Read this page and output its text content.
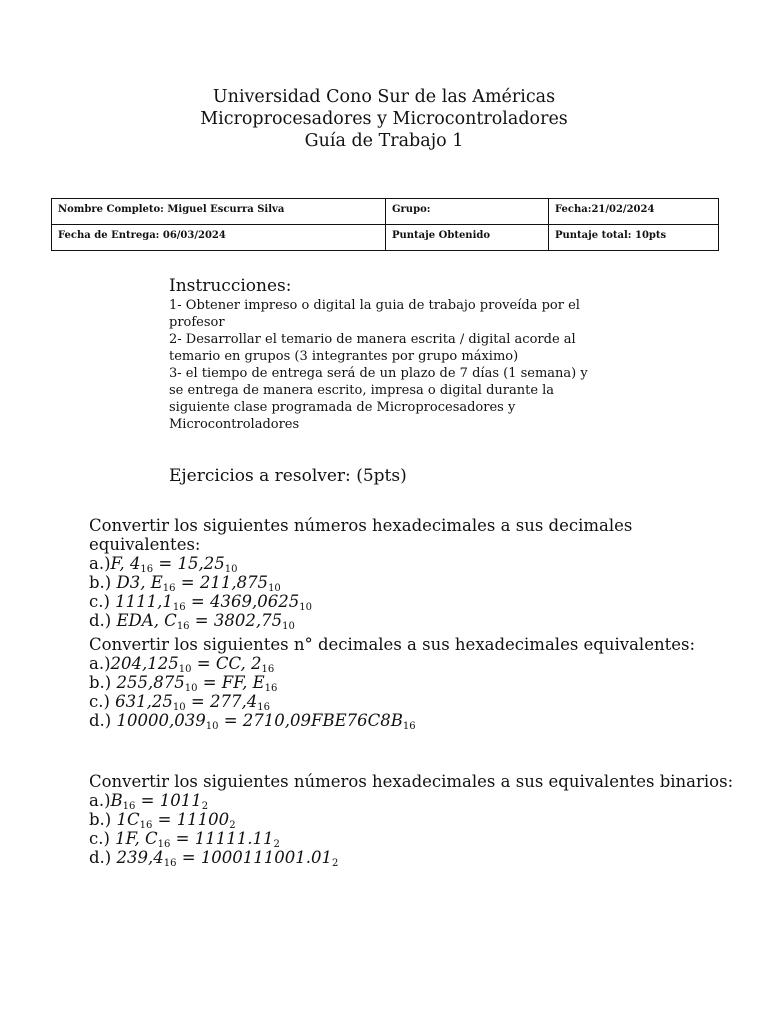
Universidad Cono Sur de las Américas
Microprocesadores y Microcontroladores
Guía de Trabajo 1
Nombre Completo: Miguel Escurra Silva	Grupo:	Fecha:21/02/2024
Fecha de Entrega: 06/03/2024	Puntaje Obtenido	Puntaje total: 10pts
Instrucciones:
1- Obtener impreso o digital la guia de trabajo proveída por el profesor
2- Desarrollar el temario de manera escrita / digital acorde al temario en grupos (3 integrantes por grupo máximo)
3- el tiempo de entrega será de un plazo de 7 días (1 semana) y se entrega de manera escrito, impresa o digital durante la siguiente clase programada de Microprocesadores y Microcontroladores
Ejercicios a resolver: (5pts)
Convertir los siguientes números hexadecimales a sus decimales equivalentes:
a.)F, $4_{16} = 15,25_{10}$
b.) D3, $E_{16} = 211,875_{10}$
c.) $1111,1_{16} = 4369,0625_{10}$
d.) EDA, $C_{16} = 3802,75_{10}$
Convertir los siguientes n° decimales a sus hexadecimales equivalentes:
$a.)204,125_{10}$ = CC, $2_{16}$
b.) $255,875_{10}$ = FF, $E_{16}$
c.) $631,25_{10} = 277,4_{16}$
d.) $10000,039_{10} = 2710,09FBE76C8B_{16}$
Convertir los siguientes números hexadecimales a sus equivalentes binarios:
$a.)B_{16} = 1011_2$
b.) $1C_{16} = 11100_2$
c.) 1F, $C_{16} = 11111.11_2$
d.) $239,4_{16} = 1000111001.01_2$
